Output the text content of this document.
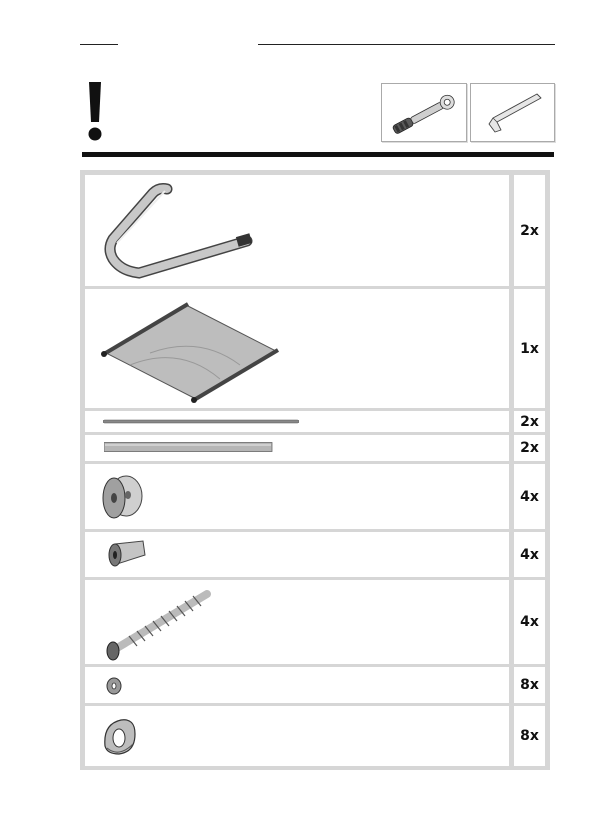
2x
1x
2x
2x
4x
4x
4x
8x
8x
